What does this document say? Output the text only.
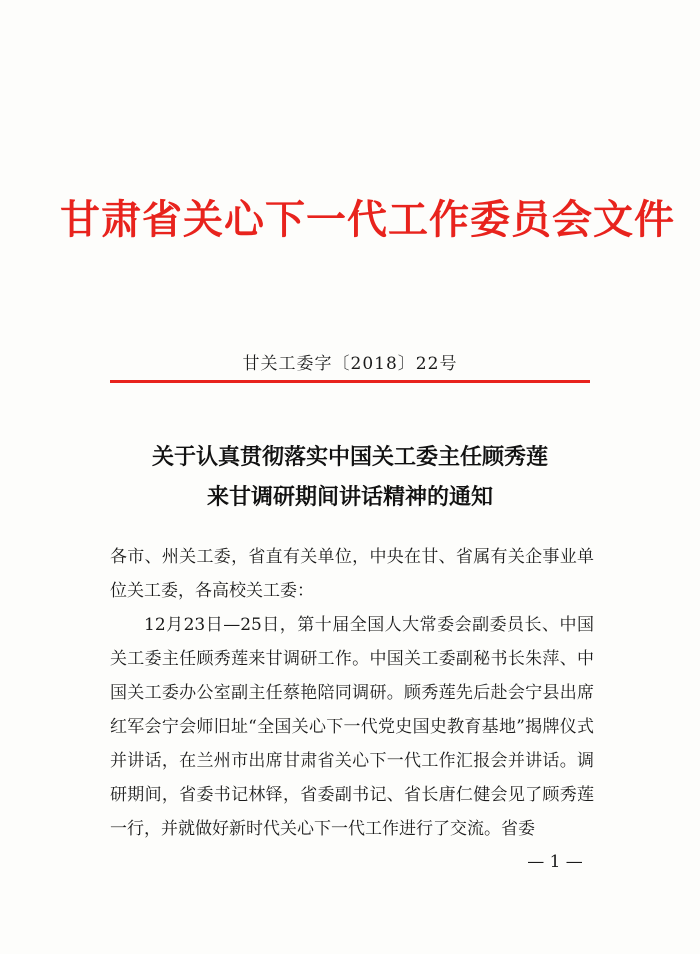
甘肃省关心下一代工作委员会文件
甘关工委字〔2018〕22号
关于认真贯彻落实中国关工委主任顾秀莲
来甘调研期间讲话精神的通知

各市、州关工委，省直有关单位，中央在甘、省属有关企事业单位关工委，各高校关工委：

12月23日—25日，第十届全国人大常委会副委员长、中国关工委主任顾秀莲来甘调研工作。中国关工委副秘书长朱萍、中国关工委办公室副主任蔡艳陪同调研。顾秀莲先后赴会宁县出席红军会宁会师旧址“全国关心下一代党史国史教育基地”揭牌仪式并讲话，在兰州市出席甘肃省关心下一代工作汇报会并讲话。调研期间，省委书记林铎，省委副书记、省长唐仁健会见了顾秀莲一行，并就做好新时代关心下一代工作进行了交流。省委

— 1 —
